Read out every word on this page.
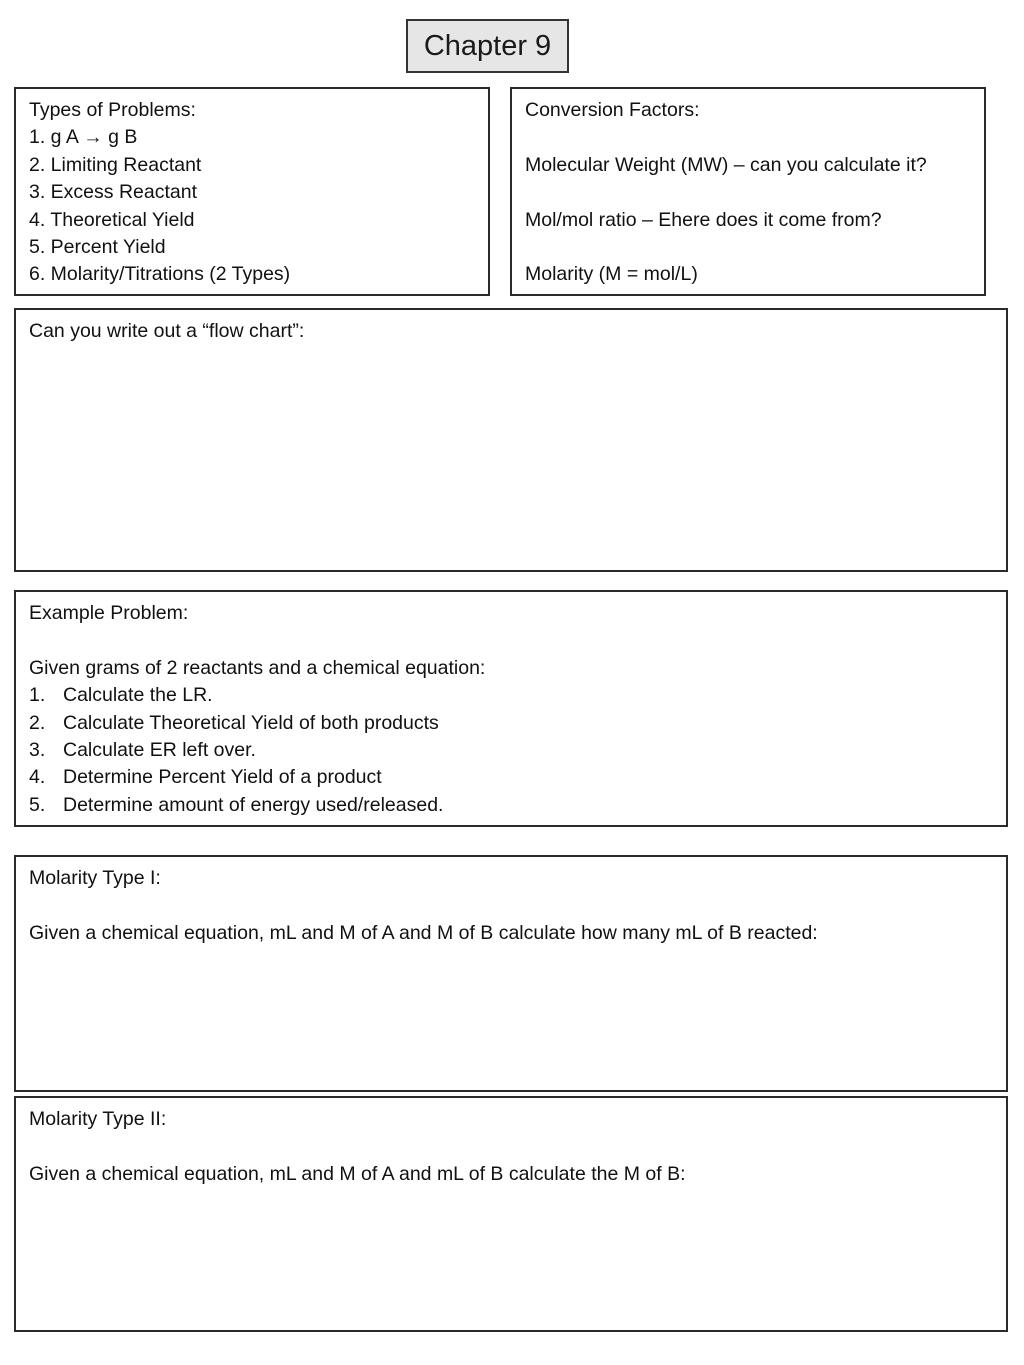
Chapter 9
Types of Problems:
1. g A → g B
2. Limiting Reactant
3. Excess Reactant
4. Theoretical Yield
5. Percent Yield
6. Molarity/Titrations (2 Types)
Conversion Factors:
Molecular Weight (MW) – can you calculate it?
Mol/mol ratio – Ehere does it come from?
Molarity (M = mol/L)
Can you write out a “flow chart”:
Example Problem:
Given grams of 2 reactants and a chemical equation:
1. Calculate the LR.
2. Calculate Theoretical Yield of both products
3. Calculate ER left over.
4. Determine Percent Yield of a product
5. Determine amount of energy used/released.
Molarity Type I:
Given a chemical equation, mL and M of A and M of B calculate how many mL of B reacted:
Molarity Type II:
Given a chemical equation, mL and M of A and mL of B calculate the M of B:
